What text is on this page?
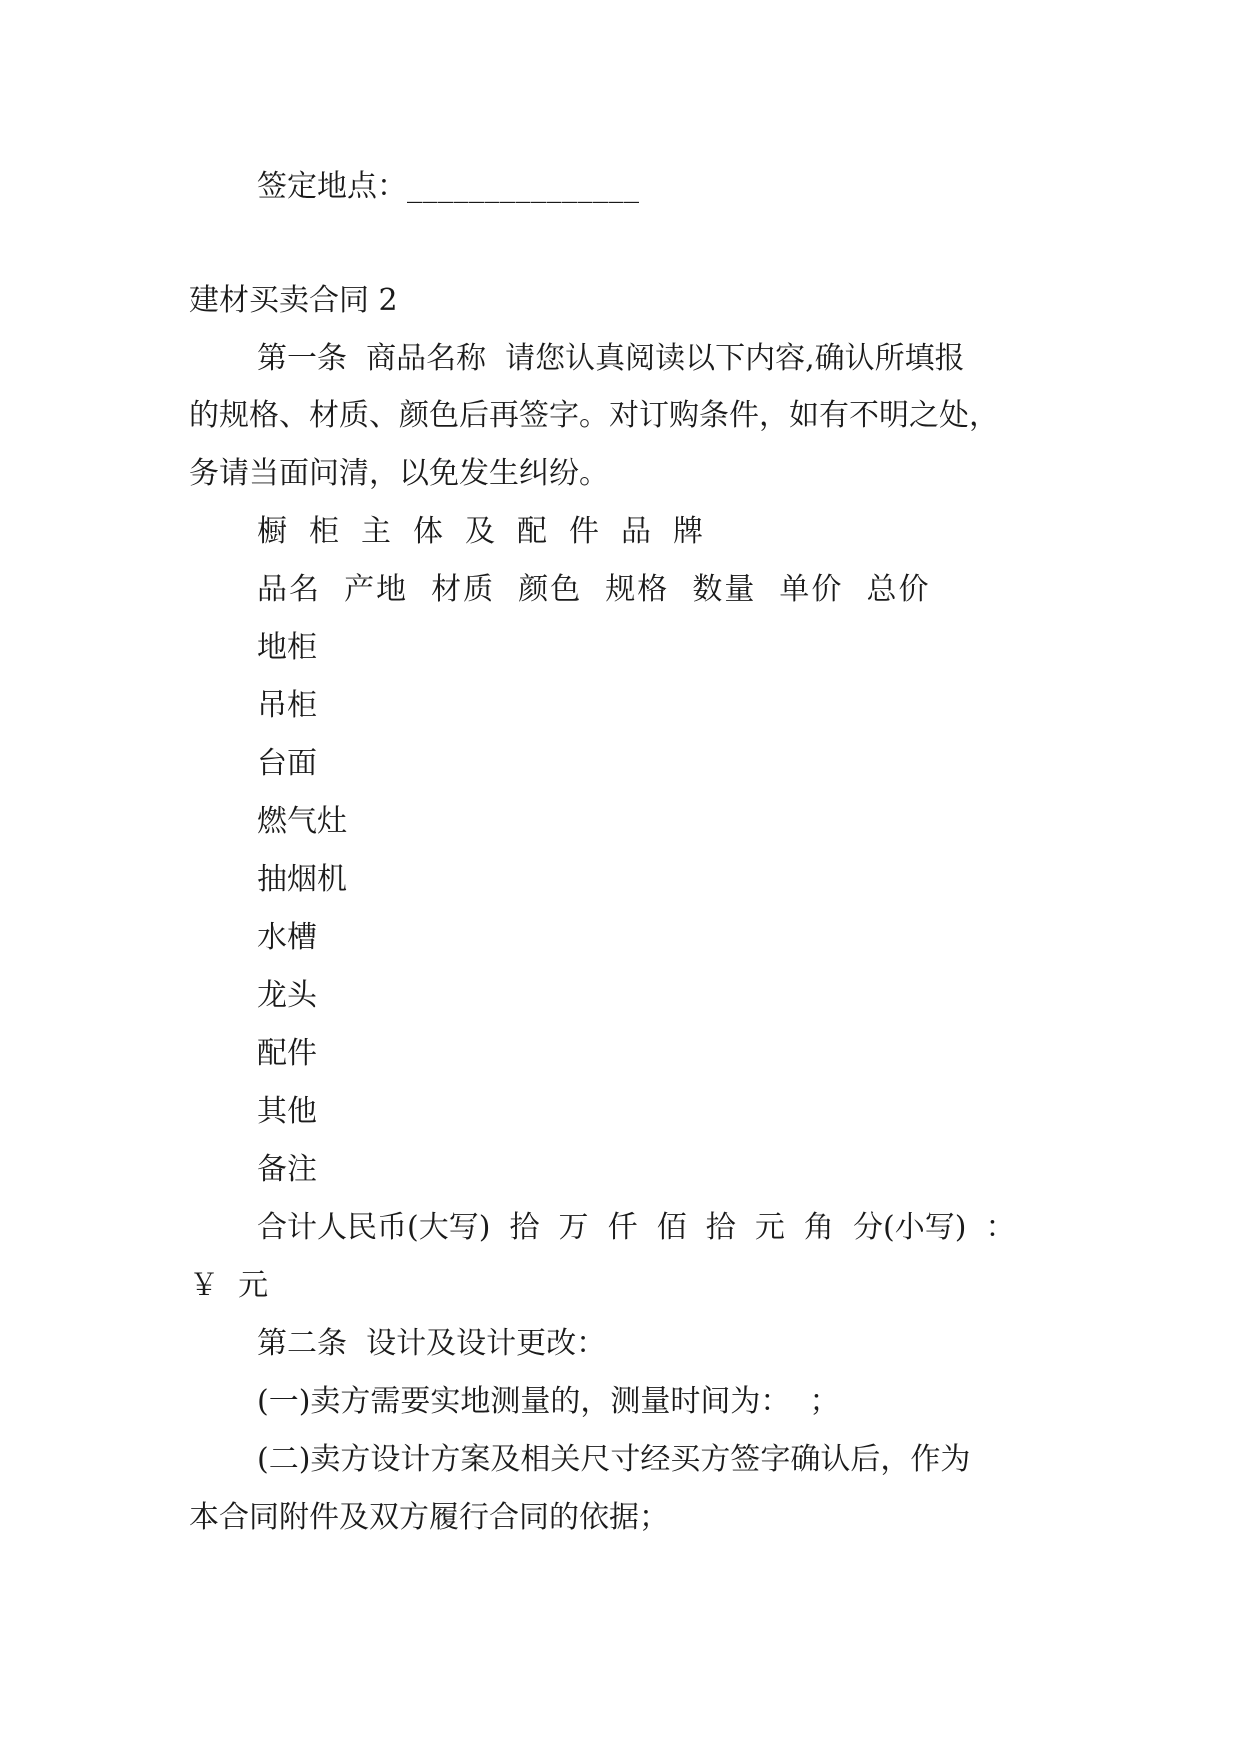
签定地点：_______________
建材买卖合同 2
第一条  商品名称  请您认真阅读以下内容,确认所填报
的规格、材质、颜色后再签字。对订购条件，如有不明之处，
务请当面问清，以免发生纠纷。
橱柜主体及配件品牌
品名  产地  材质  颜色  规格  数量  单价  总价
地柜
吊柜
台面
燃气灶
抽烟机
水槽
龙头
配件
其他
备注
合计人民币(大写)  拾  万  仟  佰  拾  元  角  分(小写)  ：
￥  元
第二条  设计及设计更改：
(一)卖方需要实地测量的，测量时间为：  ；
(二)卖方设计方案及相关尺寸经买方签字确认后，作为
本合同附件及双方履行合同的依据；
